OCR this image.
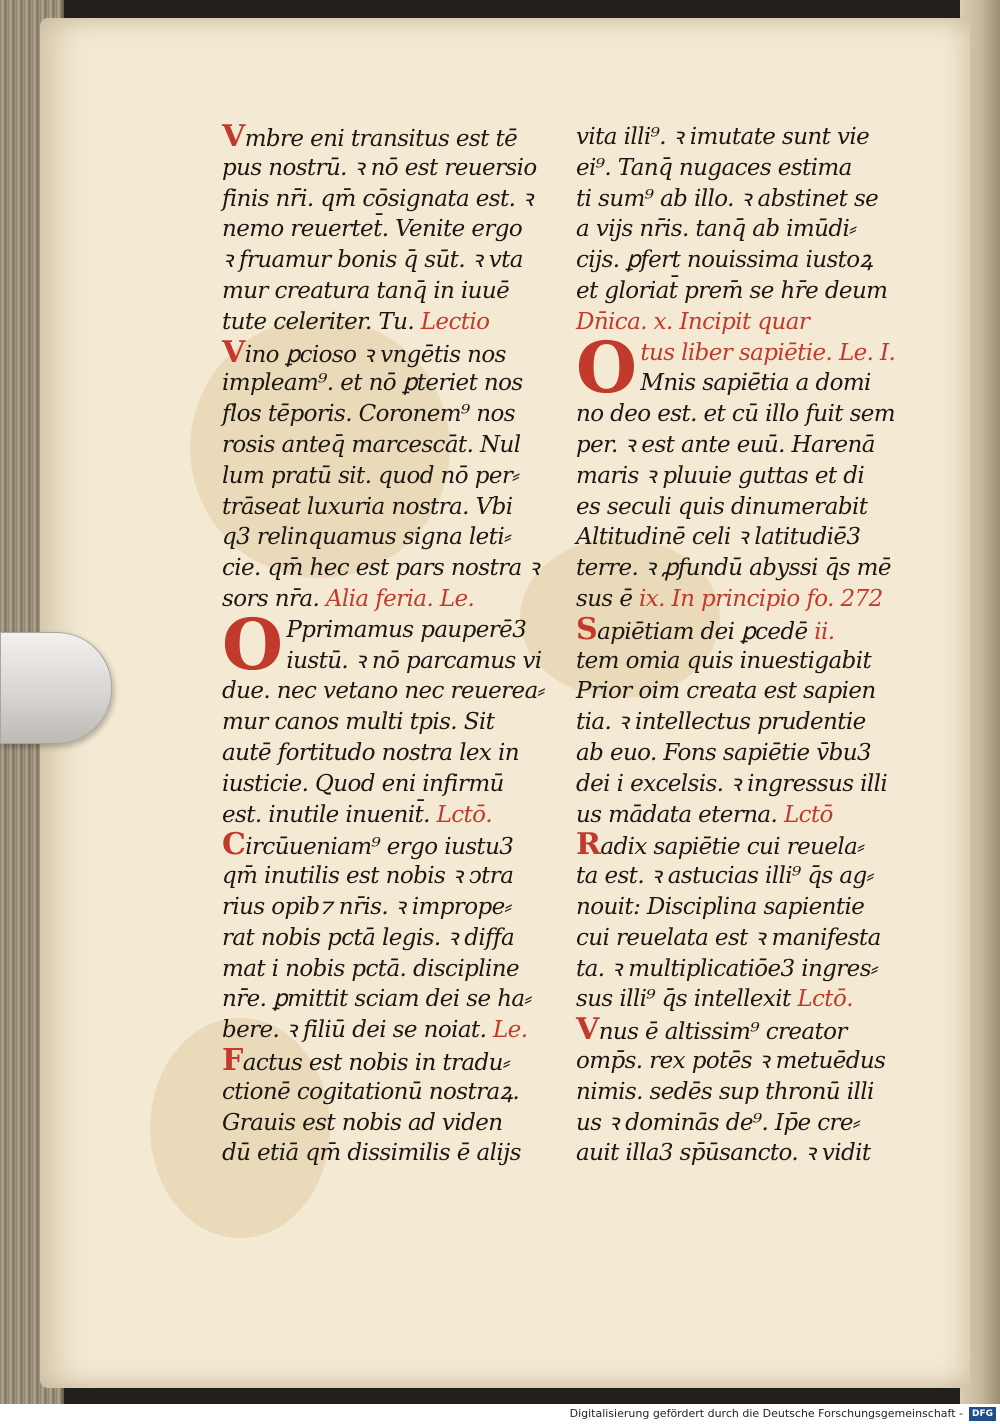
Vmbre eni transitus est tē
pus nostrū. ꝛ nō est reuersio
finis nr̄i. qm̄ cōsignata est. ꝛ
nemo reuertet̄. Venite ergo
ꝛ fruamur bonis q̄ sūt. ꝛ vta
mur creatura tanq̄ in iuuē
tute celeriter. Tu. Lectio
Vino ꝑcioso ꝛ vngētis nos
impleam⁹. et nō ꝑteriet nos
flos tēporis. Coronem⁹ nos
rosis anteq̄ marcescāt. Nul
lum pratū sit. quod nō per⸗
trāseat luxuria nostra. Vbi
q3 relinquamus signa leti⸗
cie. qm̄ hec est pars nostra ꝛ
sors nr̄a. Alia feria. Le.
O Pprimamus pauperē3
iustū. ꝛ nō parcamus vi
due. nec vetano nec reuerea⸗
mur canos multi tpis. Sit
autē fortitudo nostra lex in
iusticie. Quod eni infirmū
est. inutile inuenit̄. Lctō.
Circūueniam⁹ ergo iustu3
qm̄ inutilis est nobis ꝛ ↄtra
rius opib⁊ nr̄is. ꝛ imprope⸗
rat nobis pctā legis. ꝛ diffa
mat i nobis pctā. discipline
nr̄e. ꝑmittit sciam dei se ha⸗
bere. ꝛ filiū dei se noiat. Le.
Factus est nobis in tradu⸗
ctionē cogitationū nostraꝝ.
Grauis est nobis ad viden
dū etiā qm̄ dissimilis ē alijs
vita illi⁹. ꝛ imutate sunt vie
ei⁹. Tanq̄ nugaces estima
ti sum⁹ ab illo. ꝛ abstinet se
a vijs nr̄is. tanq̄ ab imūdi⸗
cijs. ꝑfert nouissima iustoꝝ
et gloriat̄ prem̄ se hr̄e deum
Dn̄ica. x. Incipit quar
Otus liber sapiētie. Le. I.
Mnis sapiētia a domi
no deo est. et cū illo fuit sem
per. ꝛ est ante euū. Harenā
maris ꝛ pluuie guttas et di
es seculi quis dinumerabit
Altitudinē celi ꝛ latitudiē3
terre. ꝛ ꝓfundū abyssi q̄s mē
sus ē ix. In principio fo. 272
Sapiētiam dei ꝑcedē ii.
tem omia quis inuestigabit
Prior oim creata est sapien
tia. ꝛ intellectus prudentie
ab euo. Fons sapiētie v̄bu3
dei i excelsis. ꝛ ingressus illi
us mādata eterna. Lctō
Radix sapiētie cui reuela⸗
ta est. ꝛ astucias illi⁹ q̄s ag⸗
nouit: Disciplina sapientie
cui reuelata est ꝛ manifesta
ta. ꝛ multiplicatiōe3 ingres⸗
sus illi⁹ q̄s intellexit Lctō.
Vnus ē altissim⁹ creator
omp̄s. rex potēs ꝛ metuēdus
nimis. sedēs sup thronū illi
us ꝛ dominās de⁹. Ip̄e cre⸗
auit illa3 sp̄ūsancto. ꝛ vidit
Digitalisierung gefördert durch die Deutsche Forschungsgemeinschaft - DFG
